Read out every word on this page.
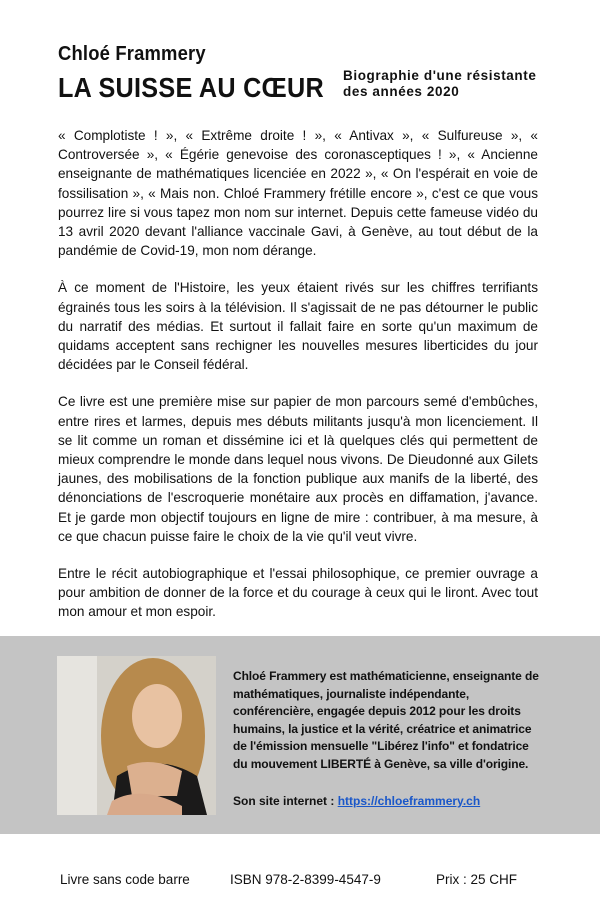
Chloé Frammery
LA SUISSE AU CŒUR Biographie d'une résistante
des années 2020

« Complotiste ! », « Extrême droite ! », « Antivax », « Sulfureuse », « Controversée », « Égérie genevoise des coronasceptiques ! », « Ancienne enseignante de mathématiques licenciée en 2022 », « On l'espérait en voie de fossilisation », « Mais non. Chloé Frammery frétille encore », c'est ce que vous pourrez lire si vous tapez mon nom sur internet. Depuis cette fameuse vidéo du 13 avril 2020 devant l'alliance vaccinale Gavi, à Genève, au tout début de la pandémie de Covid-19, mon nom dérange.

À ce moment de l'Histoire, les yeux étaient rivés sur les chiffres terrifiants égrainés tous les soirs à la télévision. Il s'agissait de ne pas détourner le public du narratif des médias. Et surtout il fallait faire en sorte qu'un maximum de quidams acceptent sans rechigner les nouvelles mesures liberticides du jour décidées par le Conseil fédéral.

Ce livre est une première mise sur papier de mon parcours semé d'embûches, entre rires et larmes, depuis mes débuts militants jusqu'à mon licenciement. Il se lit comme un roman et dissémine ici et là quelques clés qui permettent de mieux comprendre le monde dans lequel nous vivons. De Dieudonné aux Gilets jaunes, des mobilisations de la fonction publique aux manifs de la liberté, des dénonciations de l'escroquerie monétaire aux procès en diffamation, j'avance. Et je garde mon objectif toujours en ligne de mire : contribuer, à ma mesure, à ce que chacun puisse faire le choix de la vie qu'il veut vivre.

Entre le récit autobiographique et l'essai philosophique, ce premier ouvrage a pour ambition de donner de la force et du courage à ceux qui le liront. Avec tout mon amour et mon espoir.

Chloé Frammery est mathématicienne, enseignante de mathématiques, journaliste indépendante, conférencière, engagée depuis 2012 pour les droits humains, la justice et la vérité, créatrice et animatrice de l'émission mensuelle "Libérez l'info" et fondatrice du mouvement LIBERTÉ à Genève, sa ville d'origine.
Son site internet : https://chloeframmery.ch
Livre sans code barre	ISBN 978-2-8399-4547-9	Prix : 25 CHF
